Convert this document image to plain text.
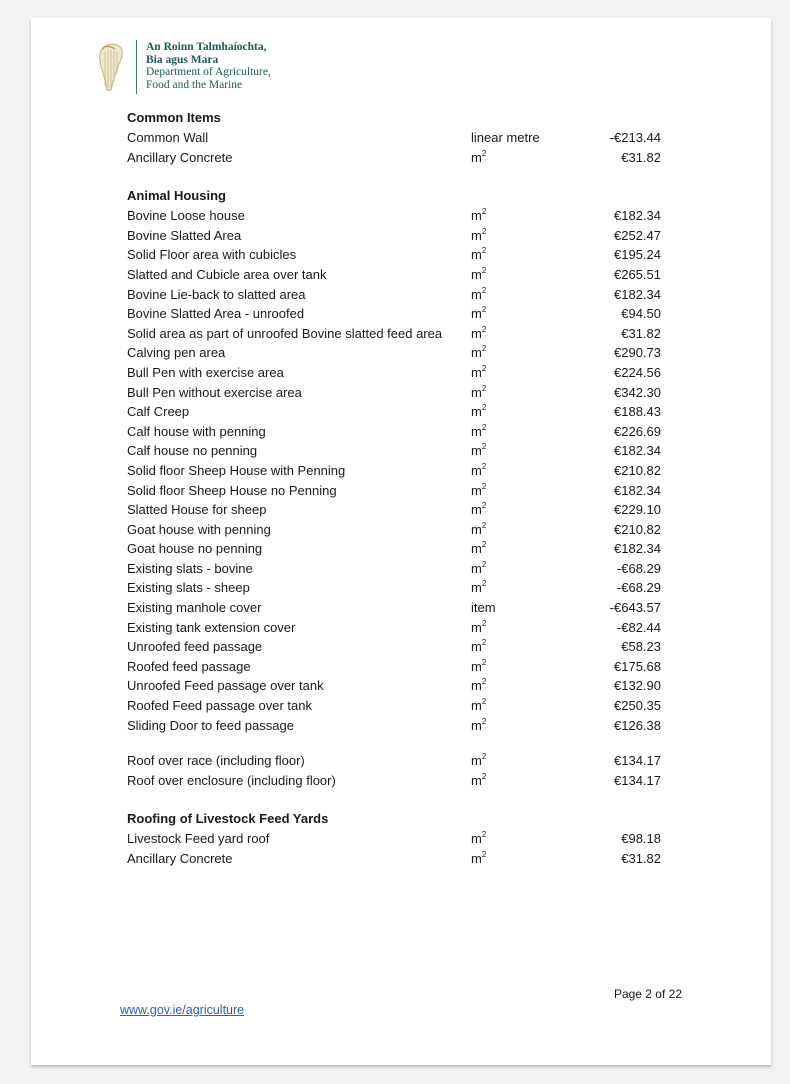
An Roinn Talmhaíochta,
Bia agus Mara
Department of Agriculture,
Food and the Marine
Common Items
Common Wall	linear metre	-€213.44
Ancillary Concrete	$m^2$	€31.82
Animal Housing
Bovine Loose house	$m^2$	€182.34
Bovine Slatted Area	$m^2$	€252.47
Solid Floor area with cubicles	$m^2$	€195.24
Slatted and Cubicle area over tank	$m^2$	€265.51
Bovine Lie-back to slatted area	$m^2$	€182.34
Bovine Slatted Area - unroofed	$m^2$	€94.50
Solid area as part of unroofed Bovine slatted feed area	$m^2$	€31.82
Calving pen area	$m^2$	€290.73
Bull Pen with exercise area	$m^2$	€224.56
Bull Pen without exercise area	$m^2$	€342.30
Calf Creep	$m^2$	€188.43
Calf house with penning	$m^2$	€226.69
Calf house no penning	$m^2$	€182.34
Solid floor Sheep House with Penning	$m^2$	€210.82
Solid floor Sheep House no Penning	$m^2$	€182.34
Slatted House for sheep	$m^2$	€229.10
Goat house with penning	$m^2$	€210.82
Goat house no penning	$m^2$	€182.34
Existing slats - bovine	$m^2$	-€68.29
Existing slats - sheep	$m^2$	-€68.29
Existing manhole cover	item	-€643.57
Existing tank extension cover	$m^2$	-€82.44
Unroofed feed passage	$m^2$	€58.23
Roofed feed passage	$m^2$	€175.68
Unroofed Feed passage over tank	$m^2$	€132.90
Roofed Feed passage over tank	$m^2$	€250.35
Sliding Door to feed passage	$m^2$	€126.38
Roof over race (including floor)	$m^2$	€134.17
Roof over enclosure (including floor)	$m^2$	€134.17
Roofing of Livestock Feed Yards
Livestock Feed yard roof	$m^2$	€98.18
Ancillary Concrete	$m^2$	€31.82
Page 2 of 22
www.gov.ie/agriculture
